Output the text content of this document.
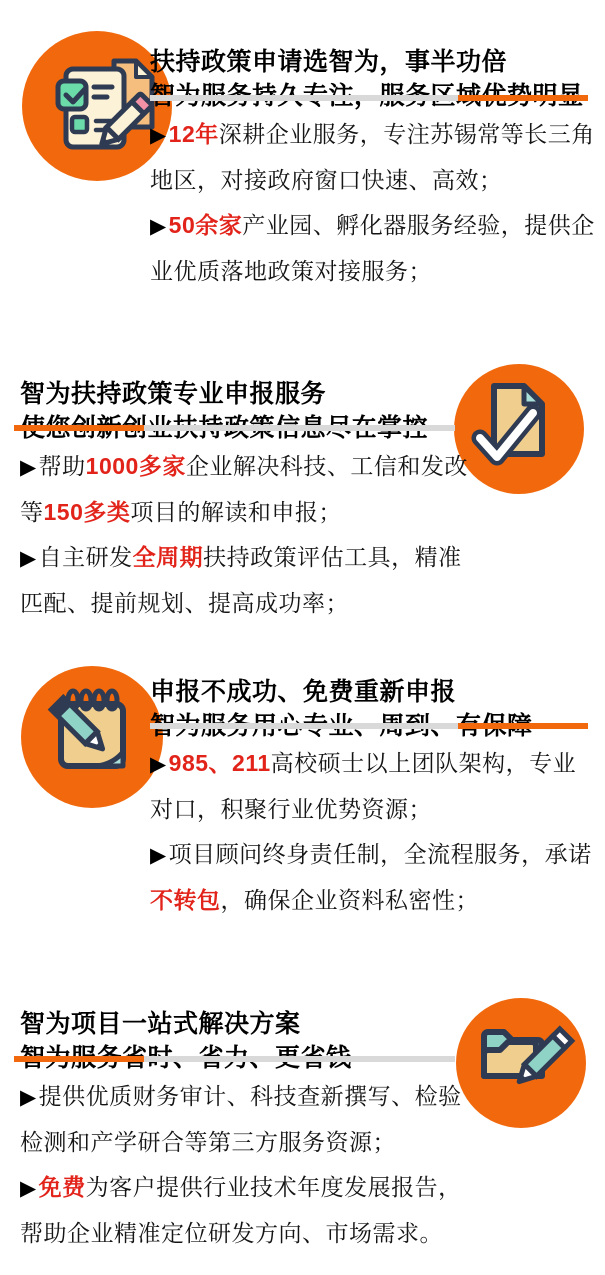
扶持政策申请选智为，事半功倍

▶12年深耕企业服务，专注苏锡常等长三角地区，对接政府窗口快速、高效；

▶50余家产业园、孵化器服务经验，提供企业优质落地政策对接服务；

智为扶持政策专业申报服务

▶帮助1000多家企业解决科技、工信和发改等150多类项目的解读和申报；

▶自主研发全周期扶持政策评估工具，精准匹配、提前规划、提高成功率；

申报不成功、免费重新申报

▶985、211高校硕士以上团队架构，专业对口，积聚行业优势资源；

▶项目顾问终身责任制，全流程服务，承诺不转包，确保企业资料私密性；

智为项目一站式解决方案

▶提供优质财务审计、科技查新撰写、检验检测和产学研合等第三方服务资源；

▶免费为客户提供行业技术年度发展报告，帮助企业精准定位研发方向、市场需求。
